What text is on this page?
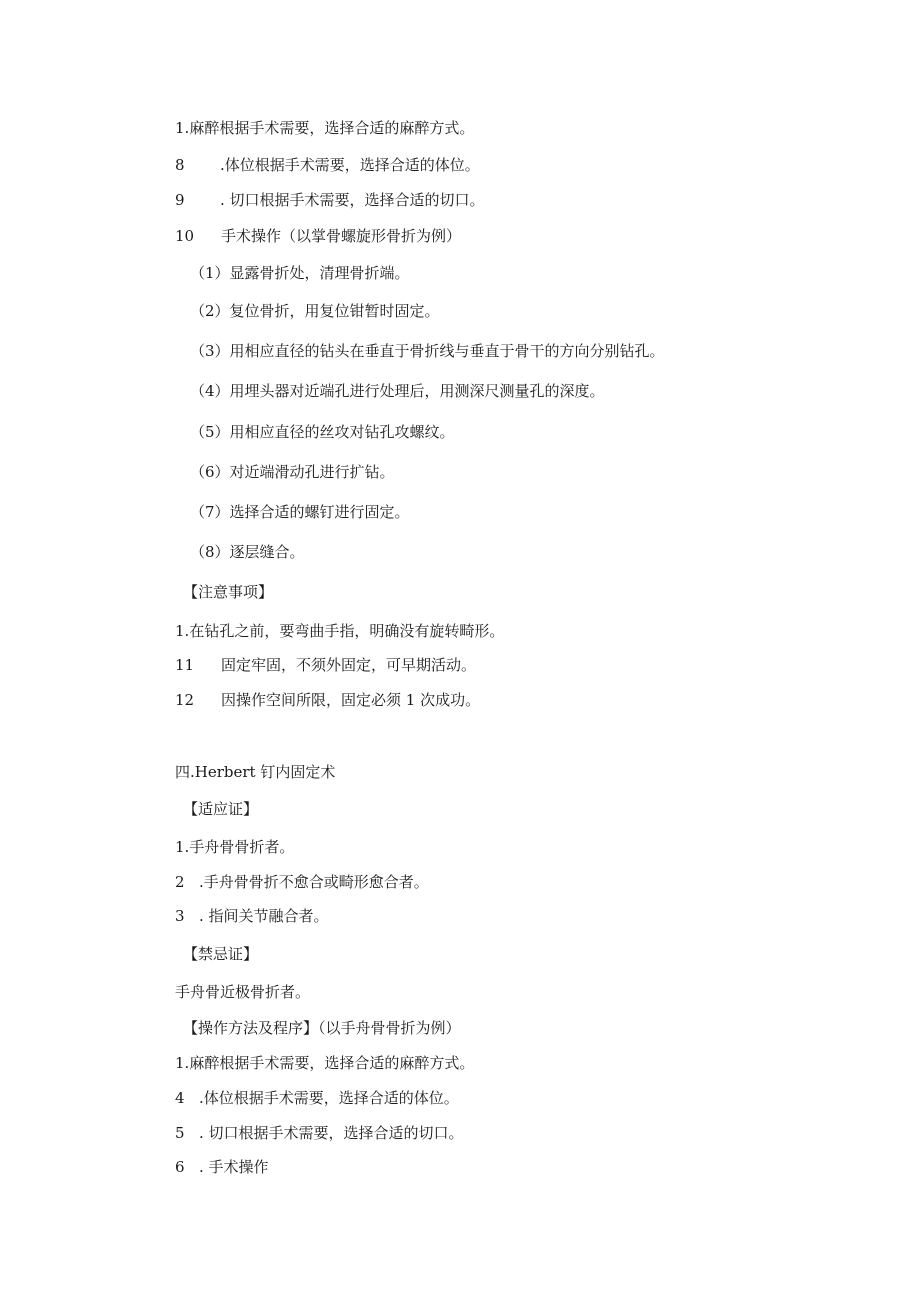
1.麻醉根据手术需要，选择合适的麻醉方式。
8 .体位根据手术需要，选择合适的体位。
9 . 切口根据手术需要，选择合适的切口。
10 手术操作（以掌骨螺旋形骨折为例）
（1）显露骨折处，清理骨折端。
（2）复位骨折，用复位钳暂时固定。
（3）用相应直径的钻头在垂直于骨折线与垂直于骨干的方向分别钻孔。
（4）用埋头器对近端孔进行处理后，用测深尺测量孔的深度。
（5）用相应直径的丝攻对钻孔攻螺纹。
（6）对近端滑动孔进行扩钻。
（7）选择合适的螺钉进行固定。
（8）逐层缝合。
【注意事项】
1.在钻孔之前，要弯曲手指，明确没有旋转畸形。
11 固定牢固，不须外固定，可早期活动。
12 因操作空间所限，固定必须 1 次成功。
四.Herbert 钉内固定术
【适应证】
1.手舟骨骨折者。
2 .手舟骨骨折不愈合或畸形愈合者。
3 . 指间关节融合者。
【禁忌证】
手舟骨近极骨折者。
【操作方法及程序】（以手舟骨骨折为例）
1.麻醉根据手术需要，选择合适的麻醉方式。
4 .体位根据手术需要，选择合适的体位。
5 . 切口根据手术需要，选择合适的切口。
6 . 手术操作
